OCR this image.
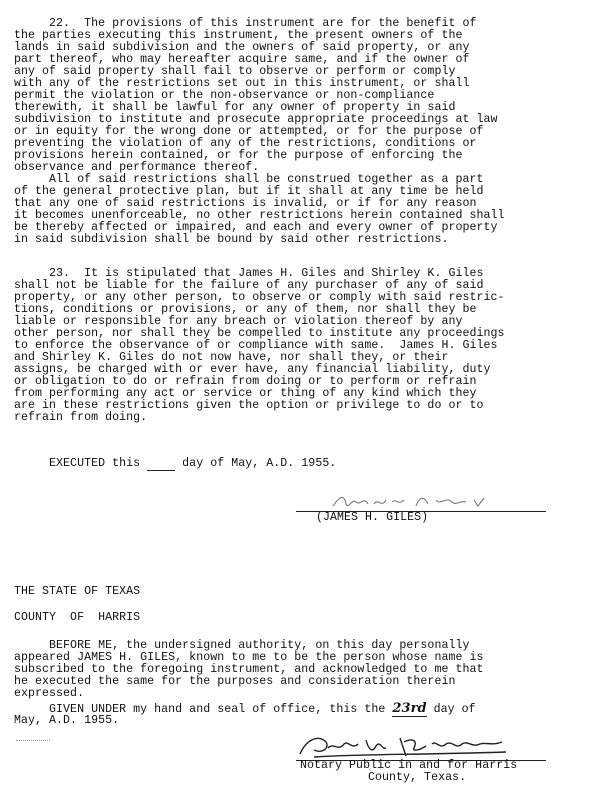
22.  The provisions of this instrument are for the benefit of
the parties executing this instrument, the present owners of the
lands in said subdivision and the owners of said property, or any
part thereof, who may hereafter acquire same, and if the owner of
any of said property shall fail to observe or perform or comply
with any of the restrictions set out in this instrument, or shall
permit the violation or the non-observance or non-compliance
therewith, it shall be lawful for any owner of property in said
subdivision to institute and prosecute appropriate proceedings at law
or in equity for the wrong done or attempted, or for the purpose of
preventing the violation of any of the restrictions, conditions or
provisions herein contained, or for the purpose of enforcing the
observance and performance thereof.
All of said restrictions shall be construed together as a part
of the general protective plan, but if it shall at any time be held
that any one of said restrictions is invalid, or if for any reason
it becomes unenforceable, no other restrictions herein contained shall
be thereby affected or impaired, and each and every owner of property
in said subdivision shall be bound by said other restrictions.
23.  It is stipulated that James H. Giles and Shirley K. Giles
shall not be liable for the failure of any purchaser of any of said
property, or any other person, to observe or comply with said restric-
tions, conditions or provisions, or any of them, nor shall they be
liable or responsible for any breach or violation thereof by any
other person, nor shall they be compelled to institute any proceedings
to enforce the observance of or compliance with same.  James H. Giles
and Shirley K. Giles do not now have, nor shall they, or their
assigns, be charged with or ever have, any financial liability, duty
or obligation to do or refrain from doing or to perform or refrain
from performing any act or service or thing of any kind which they
are in these restrictions given the option or privilege to do or to
refrain from doing.
EXECUTED this      day of May, A.D. 1955.
(JAMES H. GILES)
THE STATE OF TEXAS
COUNTY  OF  HARRIS
BEFORE ME, the undersigned authority, on this day personally
appeared JAMES H. GILES, known to me to be the person whose name is
subscribed to the foregoing instrument, and acknowledged to me that
he executed the same for the purposes and consideration therein
expressed.
GIVEN UNDER my hand and seal of office, this the 23rd day of
May, A.D. 1955.
Notary Public in and for Harris
County, Texas.
